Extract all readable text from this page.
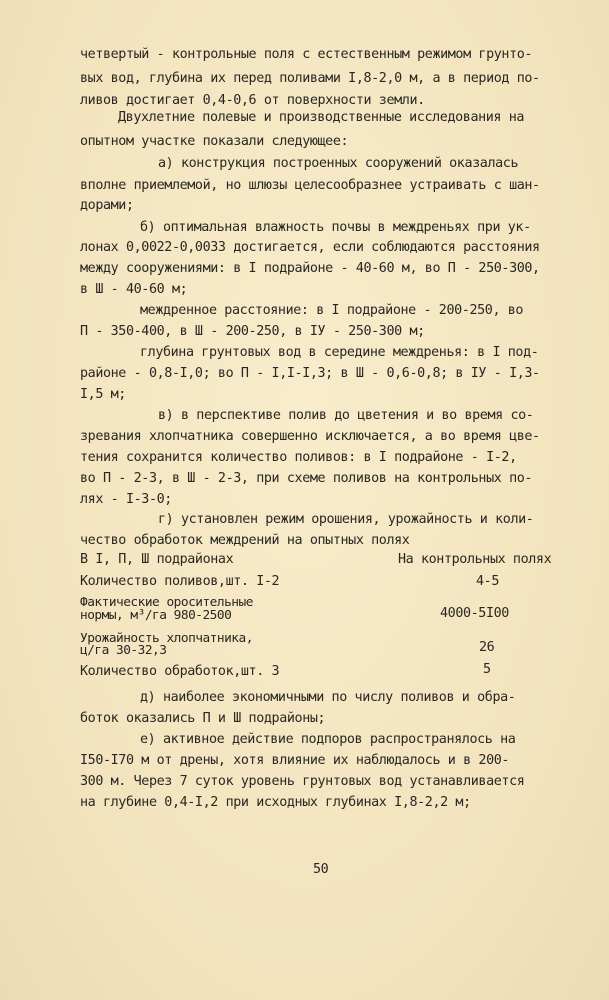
четвертый - контрольные поля с естественным режимом грунто-
вых вод, глубина их перед поливами I,8-2,0 м, а в период по-
ливов достигает 0,4-0,6 от поверхности земли.
Двухлетние полевые и производственные исследования на
опытном участке показали следующее:
а) конструкция построенных сооружений оказалась
вполне приемлемой, но шлюзы целесообразнее устраивать с шан-
дорами;
б) оптимальная влажность почвы в междреньях при ук-
лонах 0,0022-0,0033 достигается, если соблюдаются расстояния
между сооружениями: в I подрайоне - 40-60 м, во П - 250-300,
в Ш - 40-60 м;
междренное расстояние: в I подрайоне - 200-250, во
П - 350-400, в Ш - 200-250, в IУ - 250-300 м;
глубина грунтовых вод в середине междренья: в I под-
районе - 0,8-I,0; во П - I,I-I,3; в Ш - 0,6-0,8; в IУ - I,3-
I,5 м;
в) в перспективе полив до цветения и во время со-
зревания хлопчатника совершенно исключается, а во время цве-
тения сохранится количество поливов: в I подрайоне - I-2,
во П - 2-3, в Ш - 2-3, при схеме поливов на контрольных по-
лях - I-3-0;
г) установлен режим орошения, урожайность и коли-
чество обработок междрений на опытных полях
В I, П, Ш подрайонах	На контрольных полях
Количество поливов,шт. I-2	4-5
Фактические оросительные
нормы, м³/га 980-2500	4000-5I00
Урожайность хлопчатника,
ц/га 30-32,3	26
Количество обработок,шт. 3	5
д) наиболее экономичными по числу поливов и обра-
боток оказались П и Ш подрайоны;
е) активное действие подпоров распространялось на
I50-I70 м от дрены, хотя влияние их наблюдалось и в 200-
300 м. Через 7 суток уровень грунтовых вод устанавливается
на глубине 0,4-I,2 при исходных глубинах I,8-2,2 м;
50
